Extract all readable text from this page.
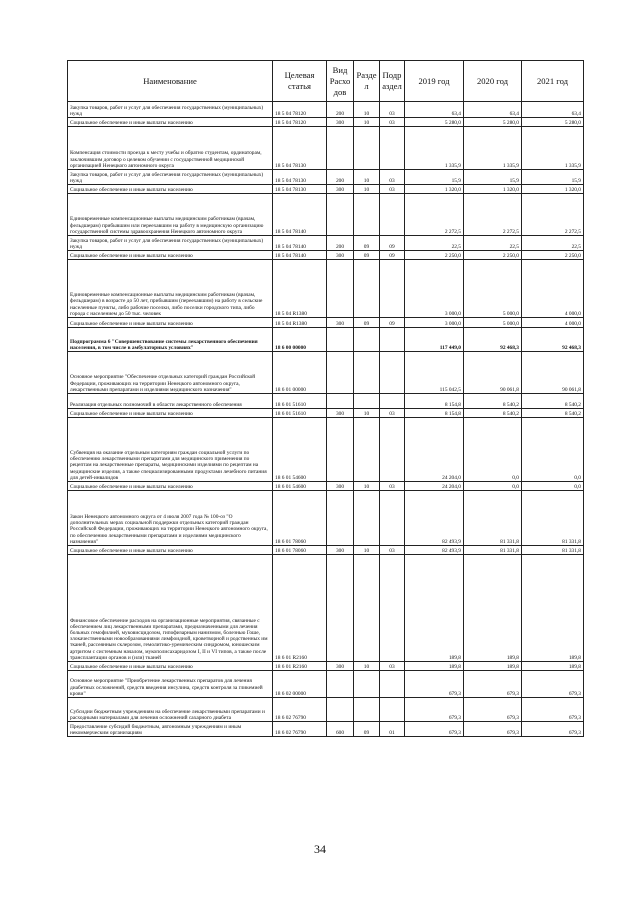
Наименование	Целевая статья	Вид Расхо дов	Разде л	Подр аздел	2019 год	2020 год	2021 год
Закупка товаров, работ и услуг для обеспечения государственных (муниципальных) нужд	18 5 04 78120	200	10	03	63,4	63,4	63,4
Социальное обеспечение и иные выплаты населению	18 5 04 78120	300	10	03	5 280,0	5 280,0	5 280,0
Компенсация стоимости проезда к месту учебы и обратно студентам, ординаторам, заключившим договор о целевом обучении с государственной медицинской организацией Ненецкого автономного округа	18 5 04 78130				1 335,9	1 335,9	1 335,9
Закупка товаров, работ и услуг для обеспечения государственных (муниципальных) нужд	18 5 04 78130	200	10	03	15,9	15,9	15,9
Социальное обеспечение и иные выплаты населению	18 5 04 78130	300	10	03	1 320,0	1 320,0	1 320,0
Единовременные компенсационные выплаты медицинским работникам (врачам, фельдшерам) прибывшим или переехавшим на работу в медицинскую организацию государственной системы здравоохранения Ненецкого автономного округа	18 5 04 78140				2 272,5	2 272,5	2 272,5
Закупка товаров, работ и услуг для обеспечения государственных (муниципальных) нужд	18 5 04 78140	200	09	09	22,5	22,5	22,5
Социальное обеспечение и иные выплаты населению	18 5 04 78140	300	09	09	2 250,0	2 250,0	2 250,0
Единовременные компенсационные выплаты медицинским работникам (врачам, фельдшерам) в возрасте до 50 лет, прибывшим (переехавшим) на работу в сельские населенные пункты, либо рабочие поселки, либо поселки городского типа, либо города с населением до 50 тыс. человек	18 5 04 R1380				3 000,0	5 000,0	4 000,0
Социальное обеспечение и иные выплаты населению	18 5 04 R1380	300	09	09	3 000,0	5 000,0	4 000,0
Подпрограмма 6 "Совершенствование системы лекарственного обеспечения населения, в том числе в амбулаторных условиях"	18 6 00 00000				117 449,0	92 468,3	92 468,3
Основное мероприятие "Обеспечение отдельных категорий граждан Российской Федерации, проживающих на территории Ненецкого автономного округа, лекарственными препаратами и изделиями медицинского назначения"	18 6 01 00000				115 042,5	90 061,8	90 061,8
Реализация отдельных полномочий в области лекарственного обеспечения	18 6 01 51610				8 154,8	8 540,2	8 540,2
Социальное обеспечение и иные выплаты населению	18 6 01 51610	300	10	03	8 154,8	8 540,2	8 540,2
Субвенция на оказание отдельным категориям граждан социальной услуги по обеспечению лекарственными препаратами для медицинского применения по рецептам на лекарственные препараты, медицинскими изделиями по рецептам на медицинские изделия, а также специализированными продуктами лечебного питания для детей-инвалидов	18 6 01 54600				24 204,0	0,0	0,0
Социальное обеспечение и иные выплаты населению	18 6 01 54600	300	10	03	24 204,0	0,0	0,0
Закон Ненецкого автономного округа от 4 июля 2007 года № 100-оз "О дополнительных мерах социальной поддержки отдельных категорий граждан Российской Федерации, проживающих на территории Ненецкого автономного округа, по обеспечению лекарственными препаратами и изделиями медицинского назначения"	18 6 01 78060				82 493,9	81 331,8	81 331,8
Социальное обеспечение и иные выплаты населению	18 6 01 78060	300	10	03	82 493,9	81 331,8	81 331,8
Финансовое обеспечение расходов на организационные мероприятия, связанные с обеспечением лиц лекарственными препаратами, предназначенными для лечения больных гемофилией, муковисцидозом, гипофизарным нанизмом, болезнью Гоше, злокачественными новообразованиями лимфоидной, кроветворной и родственных им тканей, рассеянным склерозом, гемолитико-уремическим синдромом, юношеским артритом с системным началом, мукополисахаридозом I, II и VI типов, а также после трансплантации органов и (или) тканей	18 6 01 R2160				189,8	189,8	189,8
Социальное обеспечение и иные выплаты населению	18 6 01 R2160	300	10	03	189,8	189,8	189,8
Основное мероприятие "Приобретение лекарственных препаратов для лечения диабетных осложнений, средств введения инсулина, средств контроля за гликемией крови"	18 6 02 00000				679,3	679,3	679,3
Субсидии бюджетным учреждениям на обеспечение лекарственными препаратами и расходными материалами для лечения осложнений сахарного диабета	18 6 02 76790				679,3	679,3	679,3
Предоставление субсидий бюджетным, автономным учреждениям и иным некоммерческим организациям	18 6 02 76790	600	09	01	679,3	679,3	679,3
34
